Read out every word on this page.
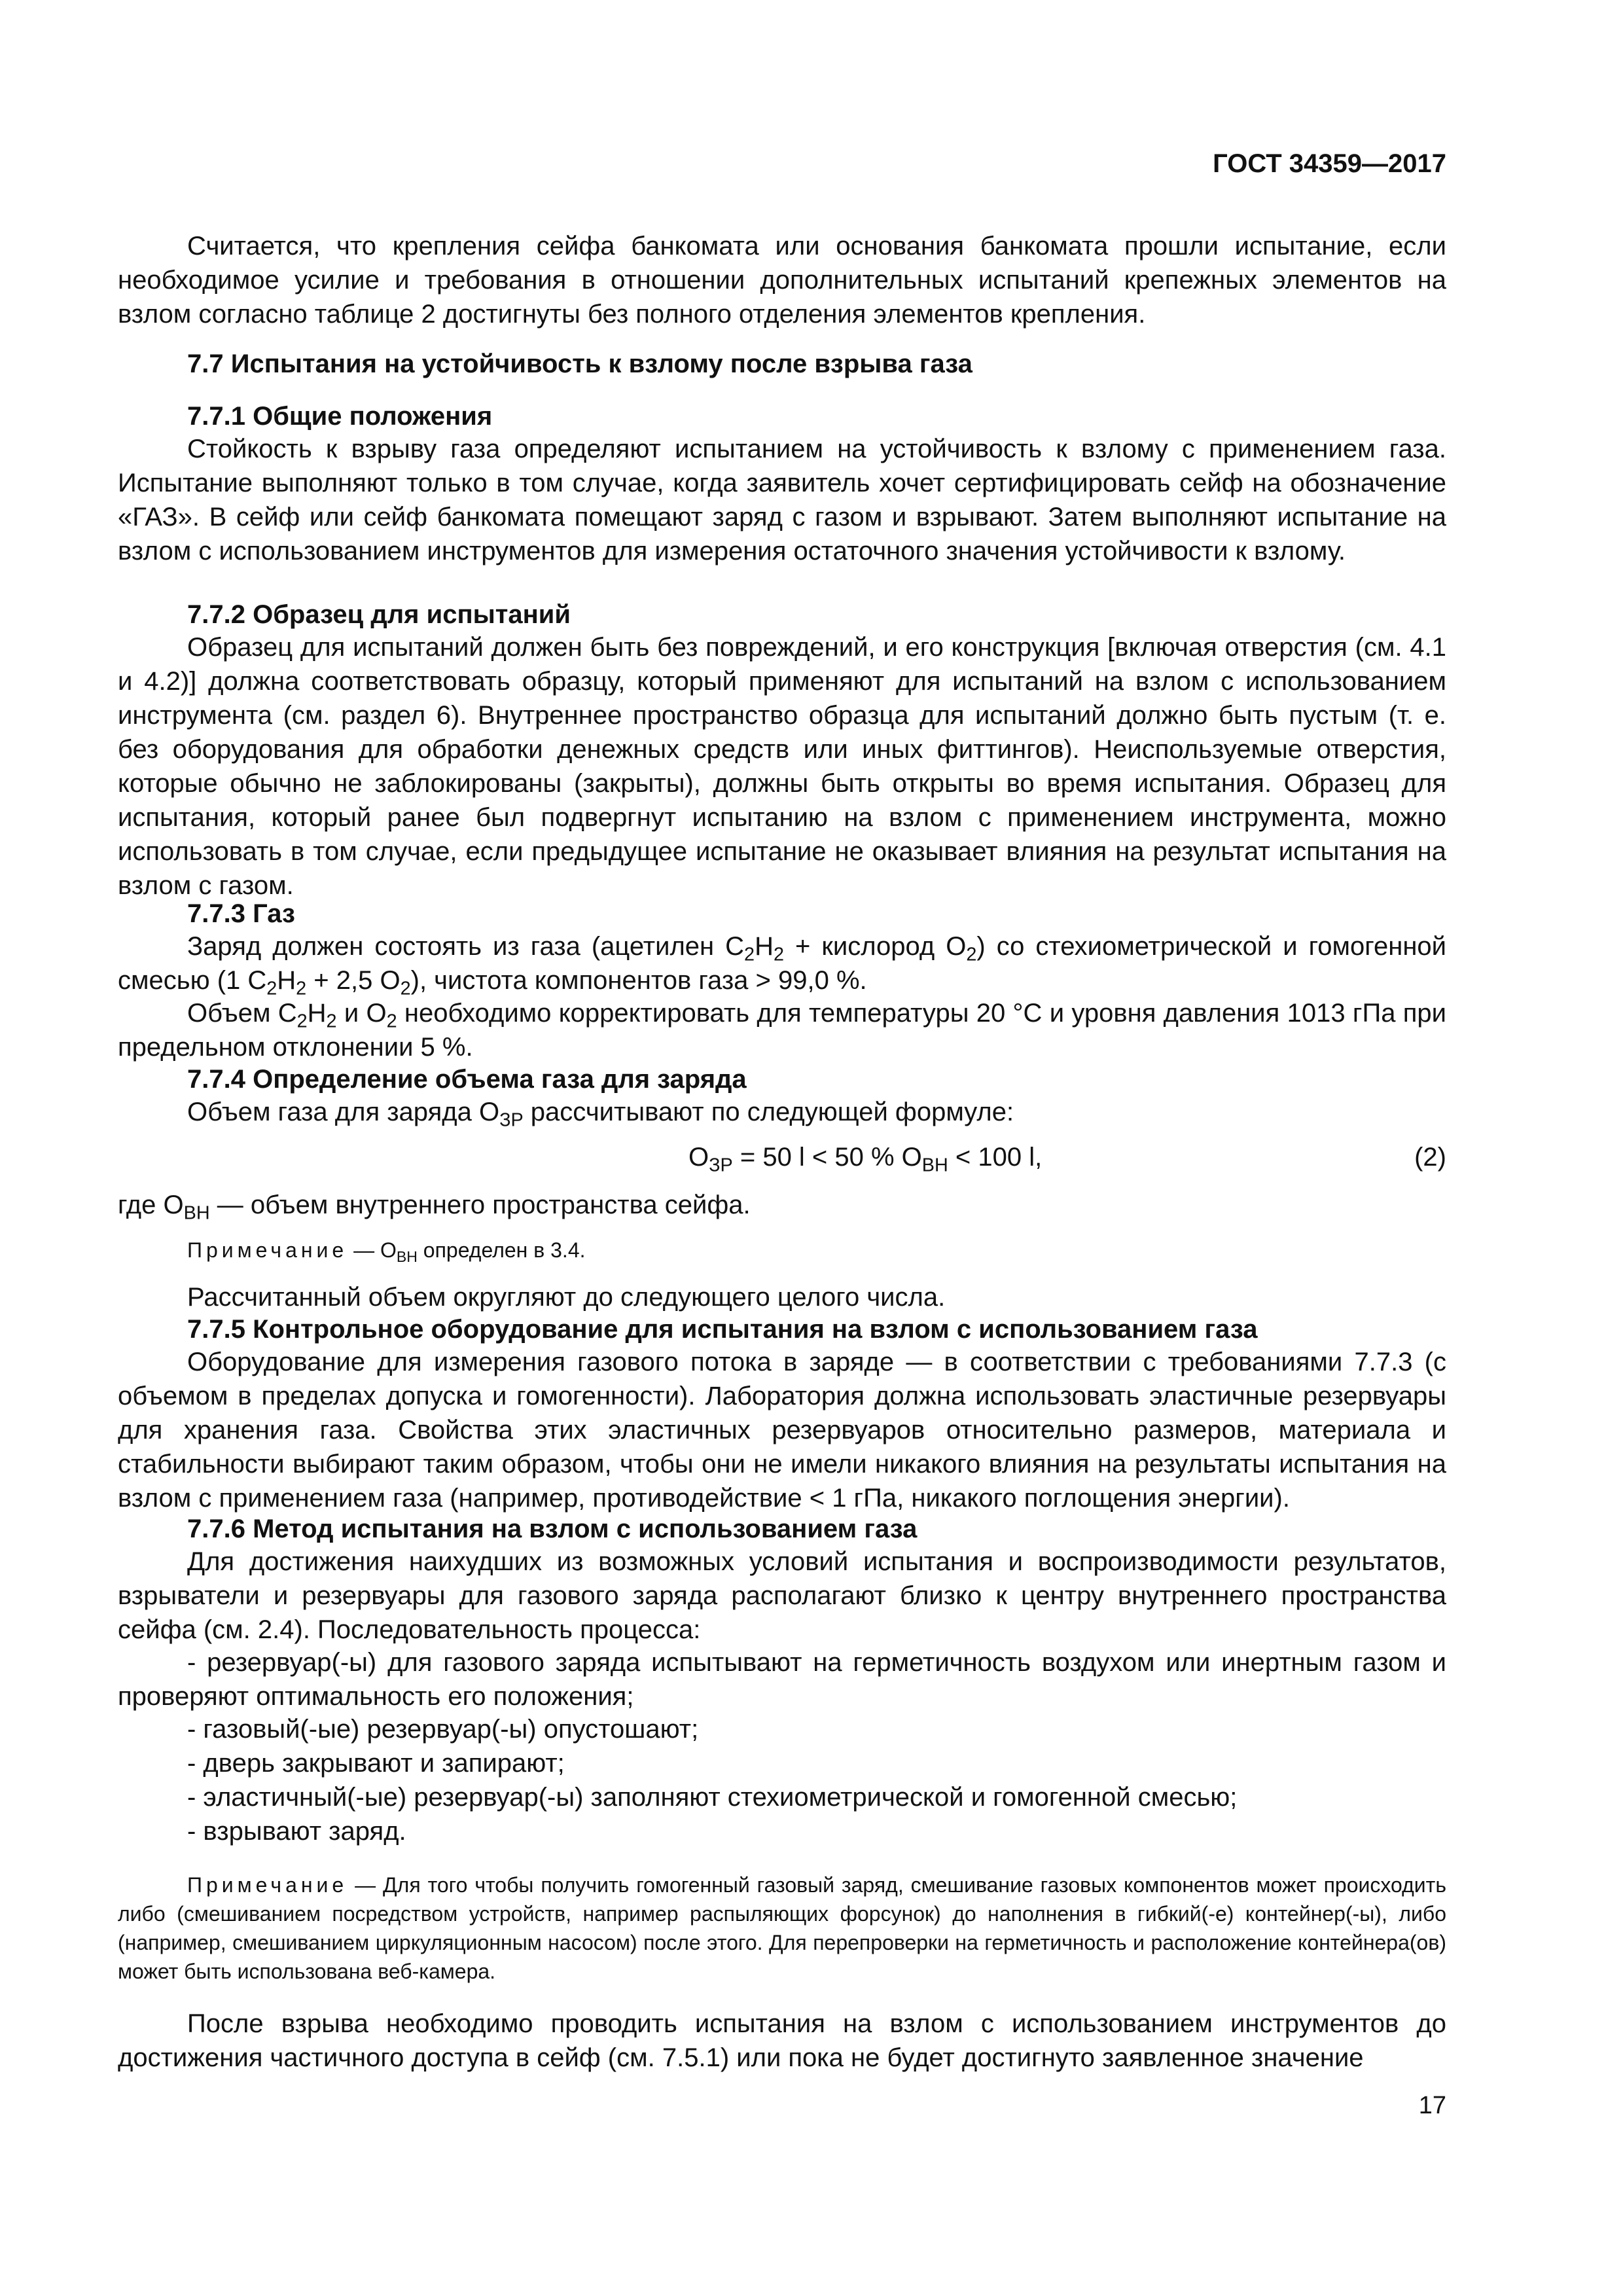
ГОСТ 34359—2017
Считается, что крепления сейфа банкомата или основания банкомата прошли испытание, если необходимое усилие и требования в отношении дополнительных испытаний крепежных элементов на взлом согласно таблице 2 достигнуты без полного отделения элементов крепления.
7.7 Испытания на устойчивость к взлому после взрыва газа
7.7.1 Общие положения
Стойкость к взрыву газа определяют испытанием на устойчивость к взлому с применением газа. Испытание выполняют только в том случае, когда заявитель хочет сертифицировать сейф на обозначение «ГАЗ». В сейф или сейф банкомата помещают заряд с газом и взрывают. Затем выполняют испытание на взлом с использованием инструментов для измерения остаточного значения устойчивости к взлому.
7.7.2 Образец для испытаний
Образец для испытаний должен быть без повреждений, и его конструкция [включая отверстия (см. 4.1 и 4.2)] должна соответствовать образцу, который применяют для испытаний на взлом с использованием инструмента (см. раздел 6). Внутреннее пространство образца для испытаний должно быть пустым (т. е. без оборудования для обработки денежных средств или иных фиттингов). Неиспользуемые отверстия, которые обычно не заблокированы (закрыты), должны быть открыты во время испытания. Образец для испытания, который ранее был подвергнут испытанию на взлом с применением инструмента, можно использовать в том случае, если предыдущее испытание не оказывает влияния на результат испытания на взлом с газом.
7.7.3 Газ
Заряд должен состоять из газа (ацетилен $C_2H_2$ + кислород $O_2$) со стехиометрической и гомогенной смесью (1 $C_2H_2 + 2,5$ $O_2$), чистота компонентов газа > 99,0 %.
Объем $C_2H_2$ и $O_2$ необходимо корректировать для температуры 20 °C и уровня давления 1013 гПа при предельном отклонении 5 %.
7.7.4 Определение объема газа для заряда
Объем газа для заряда $O_{ЗР}$ рассчитывают по следующей формуле:
$O_{ЗР} = 50$ l < 50 % $O_{ВН} < 100$ l,	(2)
где $O_{ВН}$ — объем внутреннего пространства сейфа.
Примечание — $O_{ВН}$ определен в 3.4.
Рассчитанный объем округляют до следующего целого числа.
7.7.5 Контрольное оборудование для испытания на взлом с использованием газа
Оборудование для измерения газового потока в заряде — в соответствии с требованиями 7.7.3 (с объемом в пределах допуска и гомогенности). Лаборатория должна использовать эластичные резервуары для хранения газа. Свойства этих эластичных резервуаров относительно размеров, материала и стабильности выбирают таким образом, чтобы они не имели никакого влияния на результаты испытания на взлом с применением газа (например, противодействие < 1 гПа, никакого поглощения энергии).
7.7.6 Метод испытания на взлом с использованием газа
Для достижения наихудших из возможных условий испытания и воспроизводимости результатов, взрыватели и резервуары для газового заряда располагают близко к центру внутреннего пространства сейфа (см. 2.4). Последовательность процесса:
- резервуар(-ы) для газового заряда испытывают на герметичность воздухом или инертным газом и проверяют оптимальность его положения;
- газовый(-ые) резервуар(-ы) опустошают;
- дверь закрывают и запирают;
- эластичный(-ые) резервуар(-ы) заполняют стехиометрической и гомогенной смесью;
- взрывают заряд.
Примечание — Для того чтобы получить гомогенный газовый заряд, смешивание газовых компонентов может происходить либо (смешиванием посредством устройств, например распыляющих форсунок) до наполнения в гибкий(-е) контейнер(-ы), либо (например, смешиванием циркуляционным насосом) после этого. Для перепроверки на герметичность и расположение контейнера(ов) может быть использована веб-камера.
После взрыва необходимо проводить испытания на взлом с использованием инструментов до достижения частичного доступа в сейф (см. 7.5.1) или пока не будет достигнуто заявленное значение
17
